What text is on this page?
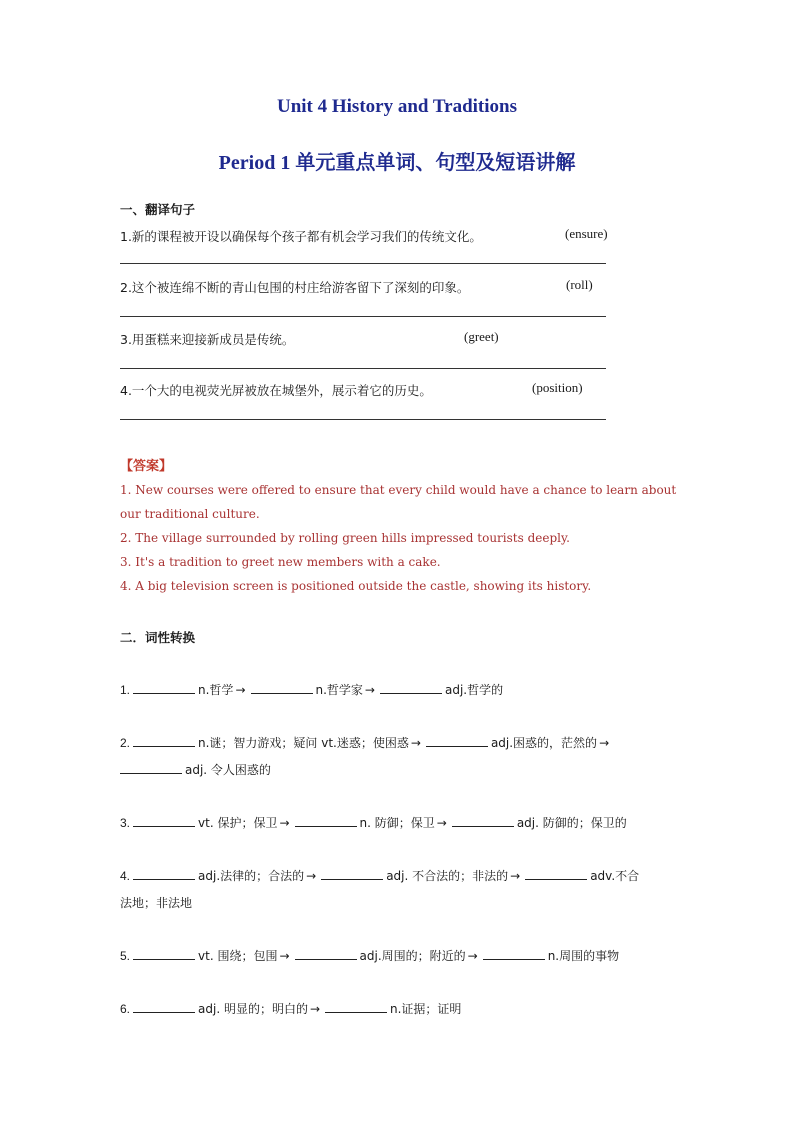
Unit 4 History and Traditions
Period 1 单元重点单词、句型及短语讲解
一、翻译句子
1.新的课程被开设以确保每个孩子都有机会学习我们的传统文化。	(ensure)
2.这个被连绵不断的青山包围的村庄给游客留下了深刻的印象。	(roll)
3.用蛋糕来迎接新成员是传统。	(greet)
4.一个大的电视荧光屏被放在城堡外，展示着它的历史。	(position)
【答案】
1. New courses were offered to ensure that every child would have a chance to learn about
our traditional culture.
2. The village surrounded by rolling green hills impressed tourists deeply.
3. It's a tradition to greet new members with a cake.
4. A big television screen is positioned outside the castle, showing its history.
二．词性转换
1.	n.哲学 →	n.哲学家 →	adj.哲学的
2.	n.谜；智力游戏；疑问 vt.迷惑；使困惑 →	adj.困惑的，茫然的 →
adj. 令人困惑的
3.	vt. 保护；保卫 →	n. 防御；保卫 →	adj. 防御的；保卫的
4.	adj.法律的；合法的 →	adj. 不合法的；非法的 →	adv.不合
法地；非法地
5.	vt. 围绕；包围 →	adj.周围的；附近的 →	n.周围的事物
6.	adj. 明显的；明白的 →	n.证据；证明
